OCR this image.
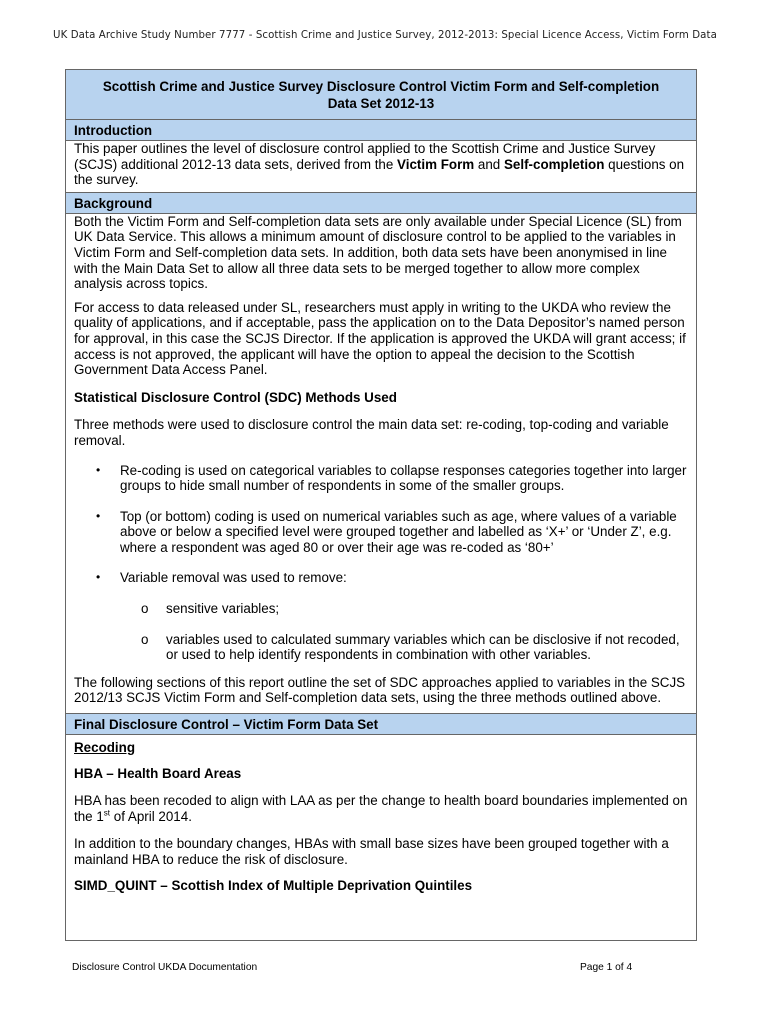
UK Data Archive Study Number 7777 - Scottish Crime and Justice Survey, 2012-2013: Special Licence Access, Victim Form Data
Scottish Crime and Justice Survey Disclosure Control Victim Form and Self-completion
Data Set 2012-13
Introduction

This paper outlines the level of disclosure control applied to the Scottish Crime and Justice Survey (SCJS) additional 2012-13 data sets, derived from the Victim Form and Self-completion questions on the survey.

Background

Both the Victim Form and Self-completion data sets are only available under Special Licence (SL) from UK Data Service. This allows a minimum amount of disclosure control to be applied to the variables in Victim Form and Self-completion data sets. In addition, both data sets have been anonymised in line with the Main Data Set to allow all three data sets to be merged together to allow more complex analysis across topics.

For access to data released under SL, researchers must apply in writing to the UKDA who review the quality of applications, and if acceptable, pass the application on to the Data Depositor’s named person for approval, in this case the SCJS Director. If the application is approved the UKDA will grant access; if access is not approved, the applicant will have the option to appeal the decision to the Scottish Government Data Access Panel.

Statistical Disclosure Control (SDC) Methods Used

Three methods were used to disclosure control the main data set: re-coding, top-coding and variable removal.

• Re-coding is used on categorical variables to collapse responses categories together into larger groups to hide small number of respondents in some of the smaller groups.
• Top (or bottom) coding is used on numerical variables such as age, where values of a variable above or below a specified level were grouped together and labelled as ‘X+’ or ‘Under Z’, e.g. where a respondent was aged 80 or over their age was re-coded as ‘80+’
• Variable removal was used to remove:
o sensitive variables;
o variables used to calculated summary variables which can be disclosive if not recoded, or used to help identify respondents in combination with other variables.

The following sections of this report outline the set of SDC approaches applied to variables in the SCJS 2012/13 SCJS Victim Form and Self-completion data sets, using the three methods outlined above.

Final Disclosure Control – Victim Form Data Set

Recoding

HBA – Health Board Areas

HBA has been recoded to align with LAA as per the change to health board boundaries implemented on the 1st of April 2014.

In addition to the boundary changes, HBAs with small base sizes have been grouped together with a mainland HBA to reduce the risk of disclosure.

SIMD_QUINT – Scottish Index of Multiple Deprivation Quintiles

Disclosure Control UKDA Documentation	Page 1 of 4
